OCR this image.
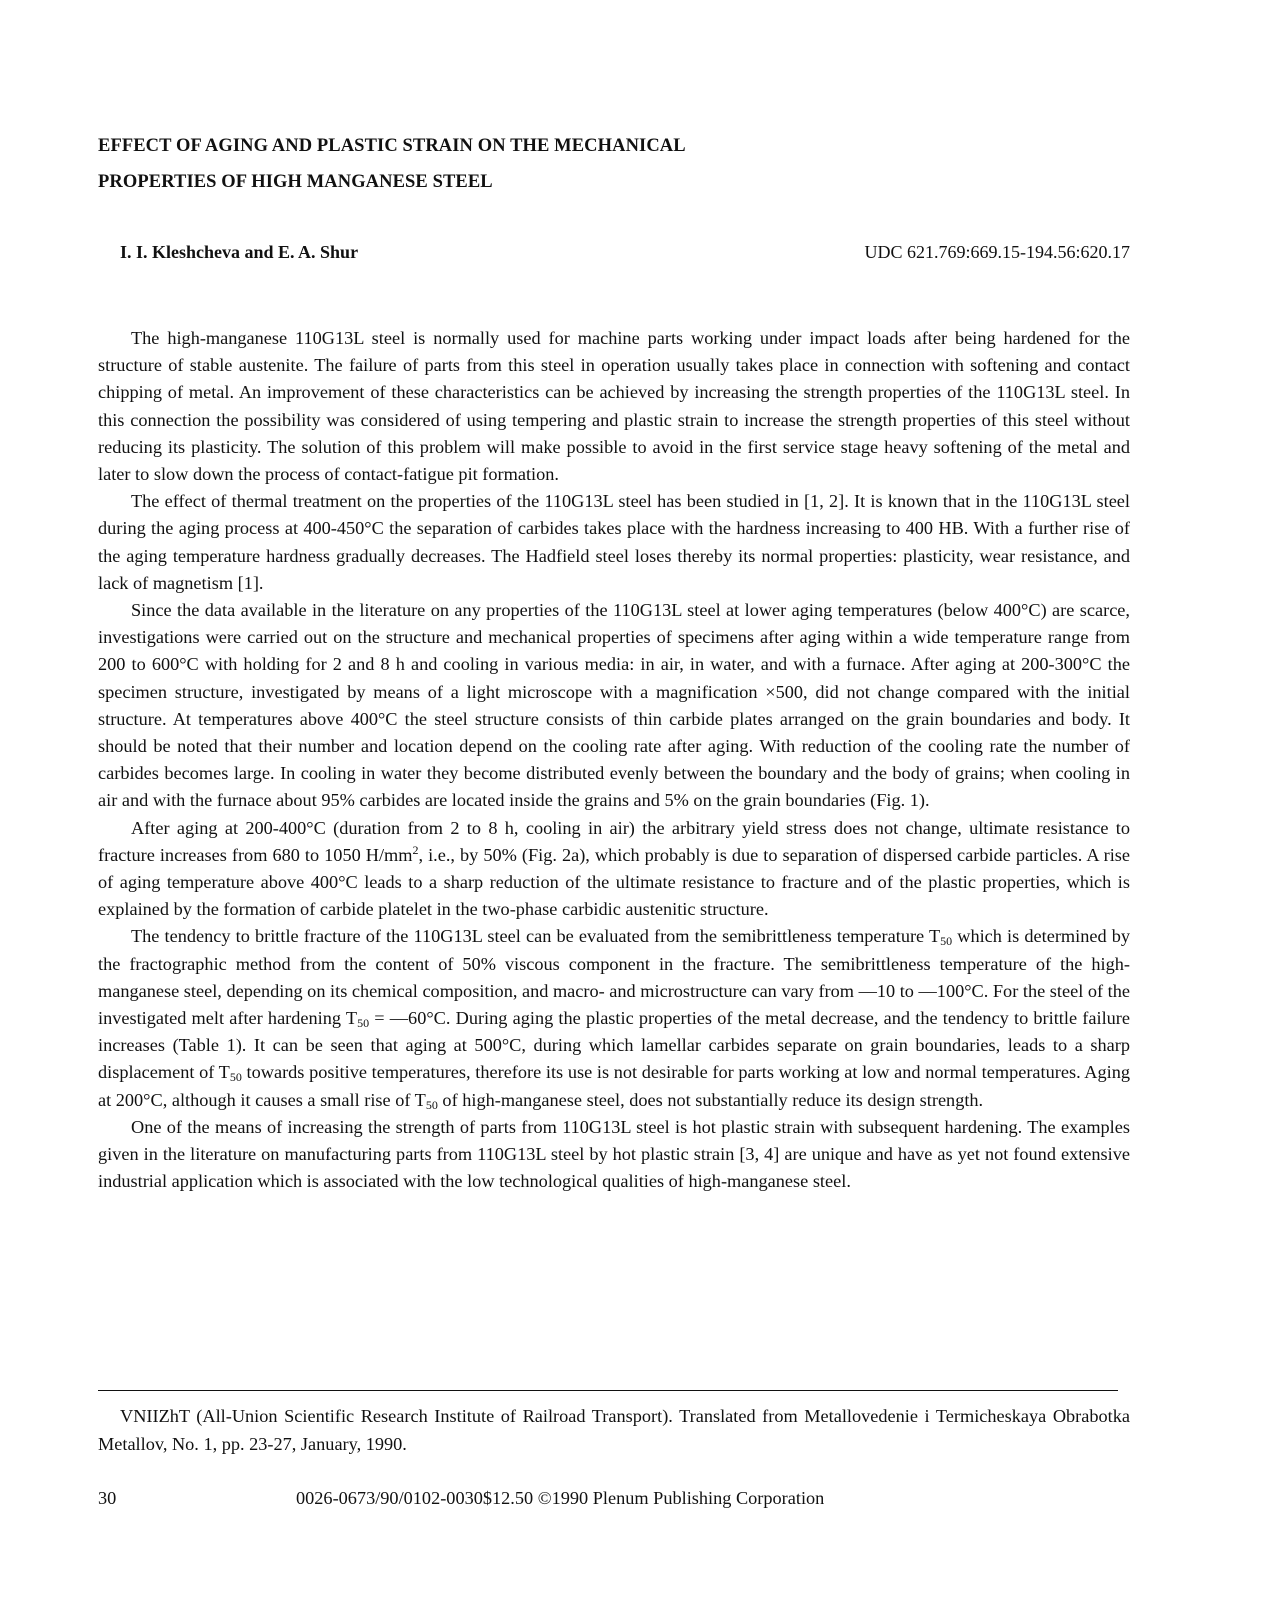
EFFECT OF AGING AND PLASTIC STRAIN ON THE MECHANICAL

PROPERTIES OF HIGH MANGANESE STEEL

I. I. Kleshcheva and E. A. Shur	UDC 621.769:669.15-194.56:620.17

The high-manganese 110G13L steel is normally used for machine parts working under impact loads after being hardened for the structure of stable austenite. The failure of parts from this steel in operation usually takes place in connection with softening and contact chipping of metal. An improvement of these characteristics can be achieved by increasing the strength properties of the 110G13L steel. In this connection the possibility was considered of using tempering and plastic strain to increase the strength properties of this steel without reducing its plasticity. The solution of this problem will make possible to avoid in the first service stage heavy softening of the metal and later to slow down the process of contact-fatigue pit formation.

The effect of thermal treatment on the properties of the 110G13L steel has been studied in [1, 2]. It is known that in the 110G13L steel during the aging process at 400-450°C the separation of carbides takes place with the hardness increasing to 400 HB. With a further rise of the aging temperature hardness gradually decreases. The Hadfield steel loses thereby its normal properties: plasticity, wear resistance, and lack of magnetism [1].

Since the data available in the literature on any properties of the 110G13L steel at lower aging temperatures (below 400°C) are scarce, investigations were carried out on the structure and mechanical properties of specimens after aging within a wide temperature range from 200 to 600°C with holding for 2 and 8 h and cooling in various media: in air, in water, and with a furnace. After aging at 200-300°C the specimen structure, investigated by means of a light microscope with a magnification ×500, did not change compared with the initial structure. At temperatures above 400°C the steel structure consists of thin carbide plates arranged on the grain boundaries and body. It should be noted that their number and location depend on the cooling rate after aging. With reduction of the cooling rate the number of carbides becomes large. In cooling in water they become distributed evenly between the boundary and the body of grains; when cooling in air and with the furnace about 95% carbides are located inside the grains and 5% on the grain boundaries (Fig. 1).

After aging at 200-400°C (duration from 2 to 8 h, cooling in air) the arbitrary yield stress does not change, ultimate resistance to fracture increases from 680 to 1050 $H/mm^2$, i.e., by 50% (Fig. 2a), which probably is due to separation of dispersed carbide particles. A rise of aging temperature above 400°C leads to a sharp reduction of the ultimate resistance to fracture and of the plastic properties, which is explained by the formation of carbide platelet in the two-phase carbidic austenitic structure.

The tendency to brittle fracture of the 110G13L steel can be evaluated from the semibrittleness temperature $T_{50}$ which is determined by the fractographic method from the content of 50% viscous component in the fracture. The semibrittleness temperature of the high-manganese steel, depending on its chemical composition, and macro- and microstructure can vary from —10 to —100°C. For the steel of the investigated melt after hardening $T_{50}$ = —60°C. During aging the plastic properties of the metal decrease, and the tendency to brittle failure increases (Table 1). It can be seen that aging at 500°C, during which lamellar carbides separate on grain boundaries, leads to a sharp displacement of $T_{50}$ towards positive temperatures, therefore its use is not desirable for parts working at low and normal temperatures. Aging at 200°C, although it causes a small rise of $T_{50}$ of high-manganese steel, does not substantially reduce its design strength.

One of the means of increasing the strength of parts from 110G13L steel is hot plastic strain with subsequent hardening. The examples given in the literature on manufacturing parts from 110G13L steel by hot plastic strain [3, 4] are unique and have as yet not found extensive industrial application which is associated with the low technological qualities of high-manganese steel.

VNIIZhT (All-Union Scientific Research Institute of Railroad Transport). Translated from Metallovedenie i Termicheskaya Obrabotka Metallov, No. 1, pp. 23-27, January, 1990.

30	0026-0673/90/0102-0030$12.50 ©1990 Plenum Publishing Corporation
